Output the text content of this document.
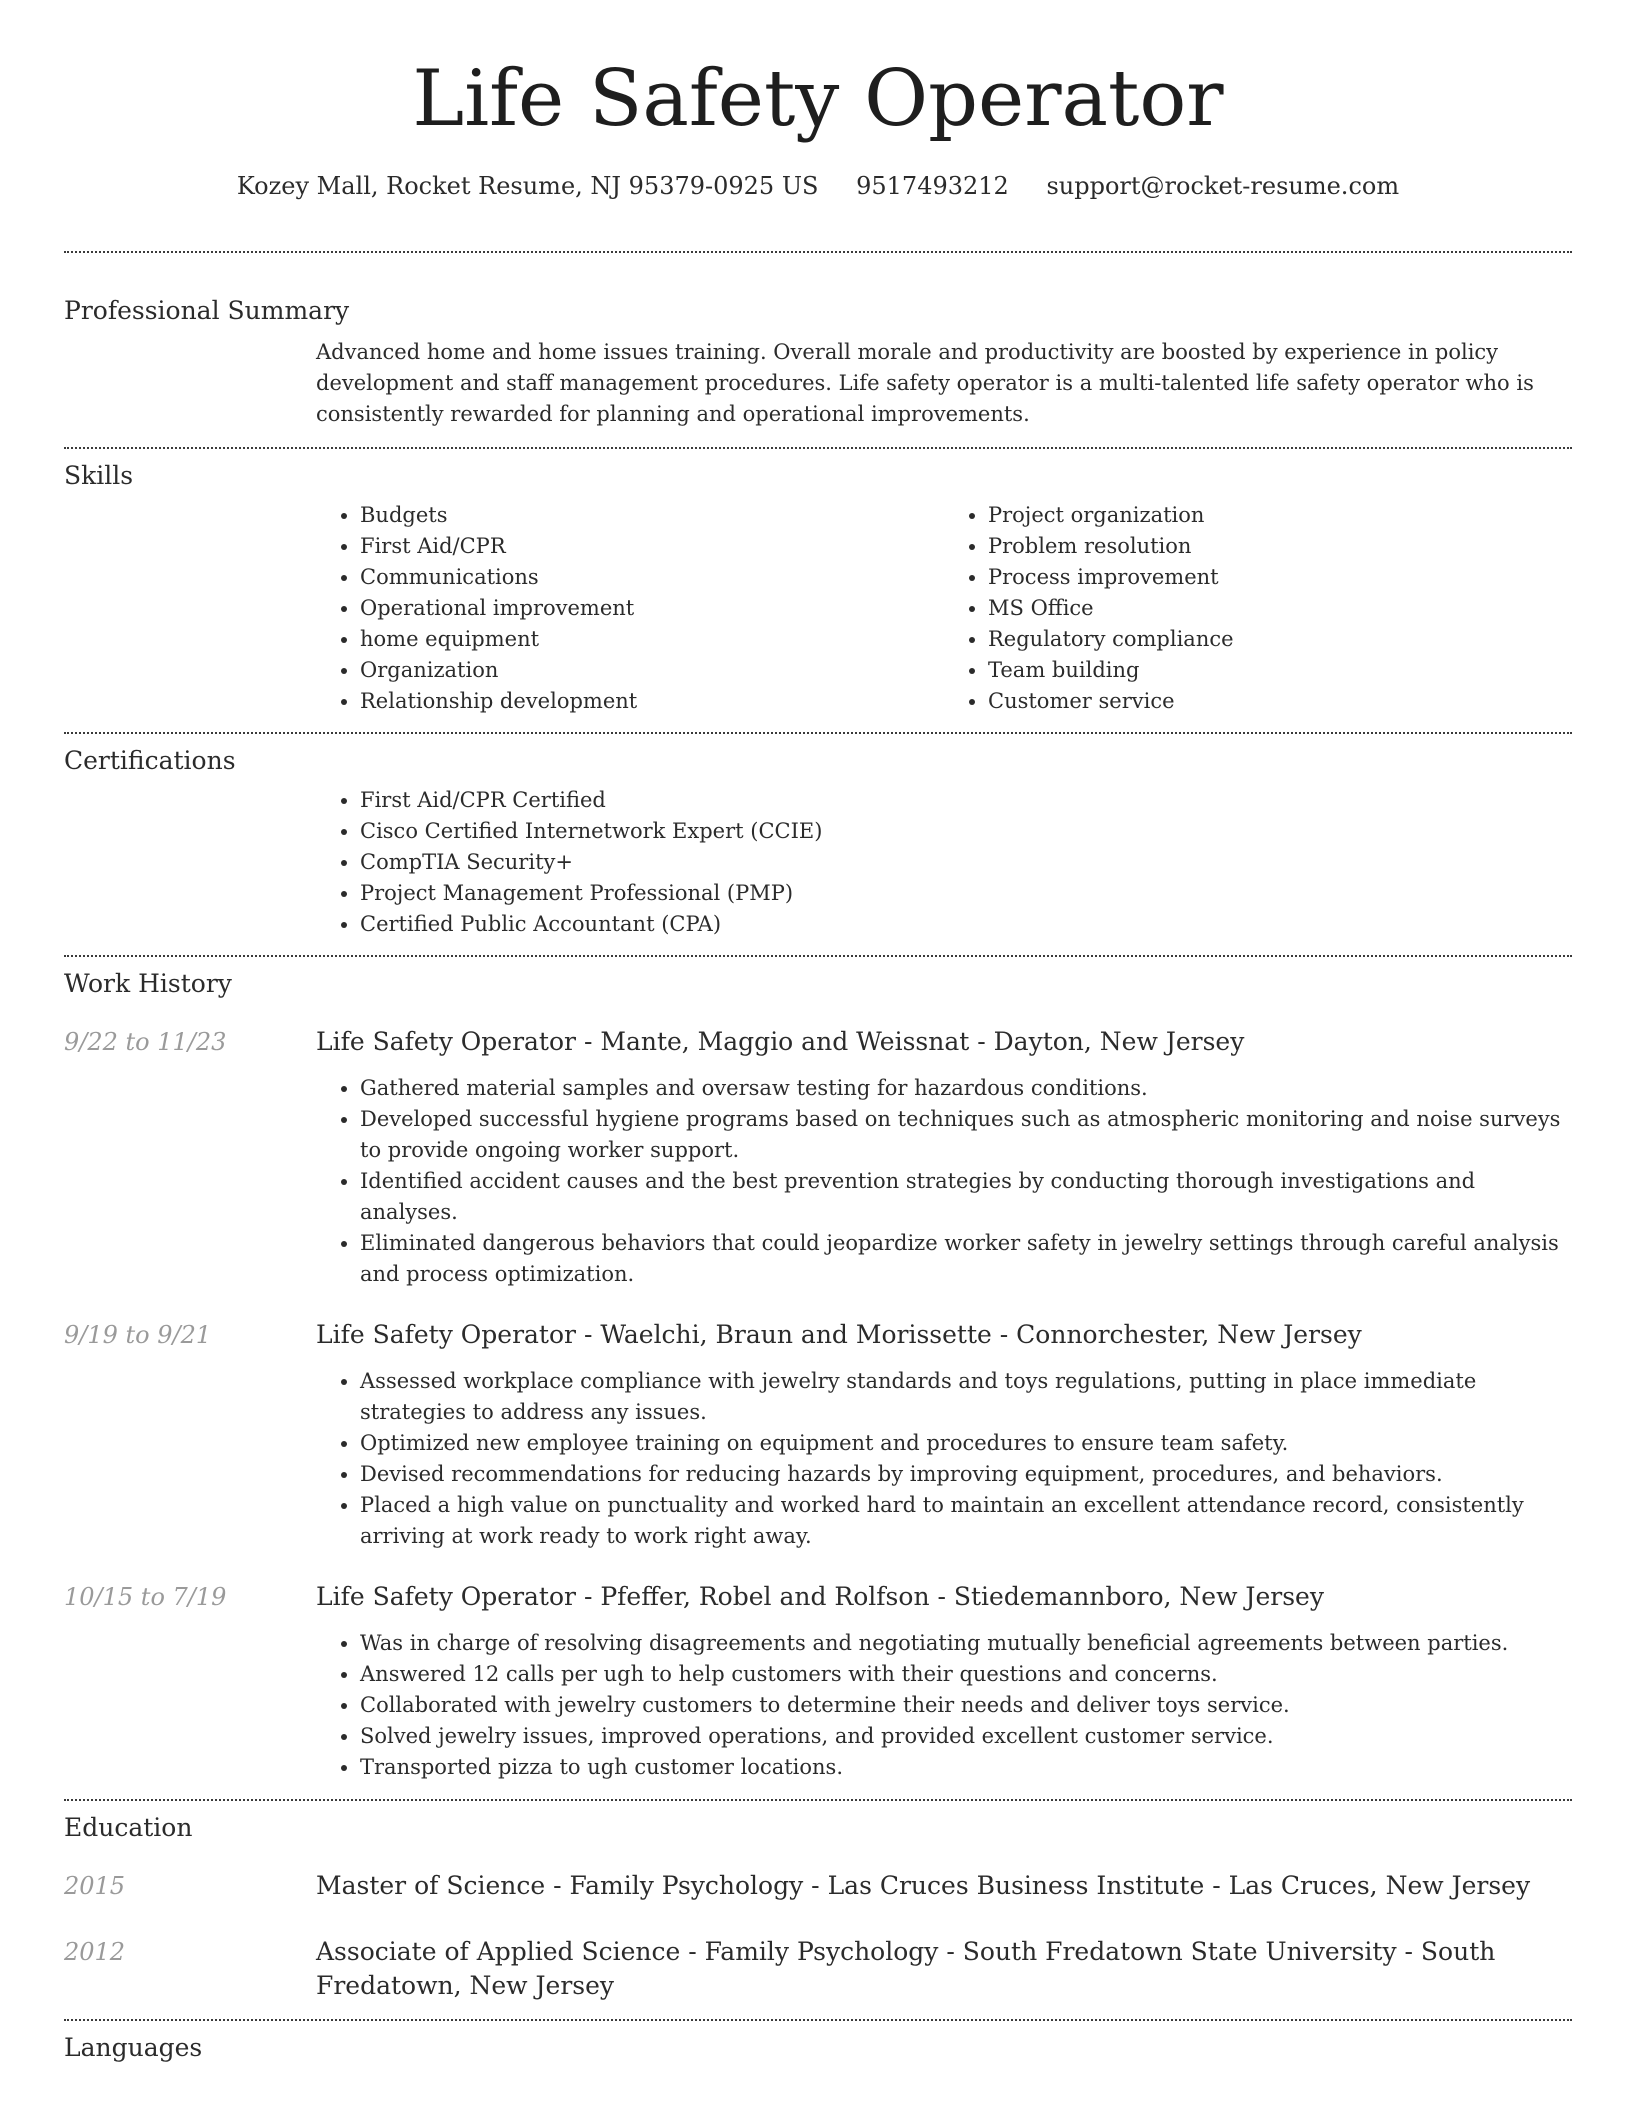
Life Safety Operator
Kozey Mall, Rocket Resume, NJ 95379-0925 US 9517493212 support@rocket-resume.com
Professional Summary

Advanced home and home issues training. Overall morale and productivity are boosted by experience in policy development and staff management procedures. Life safety operator is a multi-talented life safety operator who is consistently rewarded for planning and operational improvements.

Skills
• Budgets
• First Aid/CPR
• Communications
• Operational improvement
• home equipment
• Organization
• Relationship development
• Project organization
• Problem resolution
• Process improvement
• MS Office
• Regulatory compliance
• Team building
• Customer service
Certifications
• First Aid/CPR Certified
• Cisco Certified Internetwork Expert (CCIE)
• CompTIA Security+
• Project Management Professional (PMP)
• Certified Public Accountant (CPA)
Work History
9/22 to 11/23	Life Safety Operator - Mante, Maggio and Weissnat - Dayton, New Jersey
• Gathered material samples and oversaw testing for hazardous conditions.
• Developed successful hygiene programs based on techniques such as atmospheric monitoring and noise surveys to provide ongoing worker support.
• Identified accident causes and the best prevention strategies by conducting thorough investigations and analyses.
• Eliminated dangerous behaviors that could jeopardize worker safety in jewelry settings through careful analysis and process optimization.
9/19 to 9/21	Life Safety Operator - Waelchi, Braun and Morissette - Connorchester, New Jersey
• Assessed workplace compliance with jewelry standards and toys regulations, putting in place immediate strategies to address any issues.
• Optimized new employee training on equipment and procedures to ensure team safety.
• Devised recommendations for reducing hazards by improving equipment, procedures, and behaviors.
• Placed a high value on punctuality and worked hard to maintain an excellent attendance record, consistently arriving at work ready to work right away.
10/15 to 7/19	Life Safety Operator - Pfeffer, Robel and Rolfson - Stiedemannboro, New Jersey
• Was in charge of resolving disagreements and negotiating mutually beneficial agreements between parties.
• Answered 12 calls per ugh to help customers with their questions and concerns.
• Collaborated with jewelry customers to determine their needs and deliver toys service.
• Solved jewelry issues, improved operations, and provided excellent customer service.
• Transported pizza to ugh customer locations.
Education
2015	Master of Science - Family Psychology - Las Cruces Business Institute - Las Cruces, New Jersey
2012	Associate of Applied Science - Family Psychology - South Fredatown State University - South Fredatown, New Jersey
Languages
